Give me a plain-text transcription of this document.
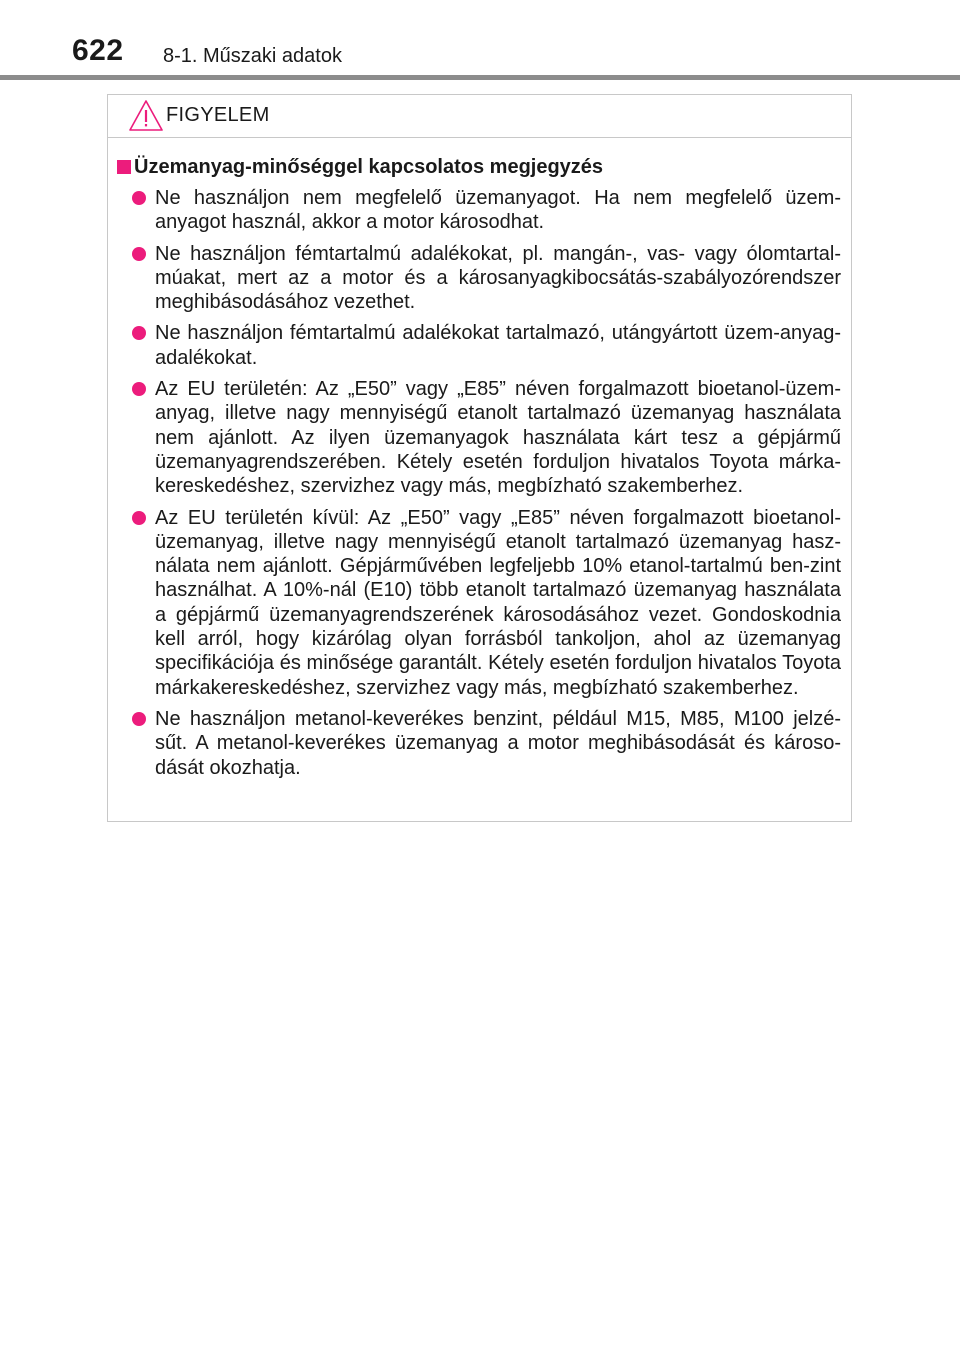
622 8-1. Műszaki adatok
FIGYELEM
Üzemanyag-minőséggel kapcsolatos megjegyzés
Ne használjon nem megfelelő üzemanyagot. Ha nem megfelelő üzem-anyagot használ, akkor a motor károsodhat.
Ne használjon fémtartalmú adalékokat, pl. mangán-, vas- vagy ólomtartal-múakat, mert az a motor és a károsanyagkibocsátás-szabályozórendszer meghibásodásához vezethet.
Ne használjon fémtartalmú adalékokat tartalmazó, utángyártott üzem-anyag-adalékokat.
Az EU területén: Az „E50” vagy „E85” néven forgalmazott bioetanol-üzem-anyag, illetve nagy mennyiségű etanolt tartalmazó üzemanyag használata nem ajánlott. Az ilyen üzemanyagok használata kárt tesz a gépjármű üzemanyagrendszerében. Kétely esetén forduljon hivatalos Toyota márka-kereskedéshez, szervizhez vagy más, megbízható szakemberhez.
Az EU területén kívül: Az „E50” vagy „E85” néven forgalmazott bioetanol-üzemanyag, illetve nagy mennyiségű etanolt tartalmazó üzemanyag hasz-nálata nem ajánlott. Gépjárművében legfeljebb 10% etanol-tartalmú ben-zint használhat. A 10%-nál (E10) több etanolt tartalmazó üzemanyag használata a gépjármű üzemanyagrendszerének károsodásához vezet. Gondoskodnia kell arról, hogy kizárólag olyan forrásból tankoljon, ahol az üzemanyag specifikációja és minősége garantált. Kétely esetén forduljon hivatalos Toyota márkakereskedéshez, szervizhez vagy más, megbízható szakemberhez.
Ne használjon metanol-keverékes benzint, például M15, M85, M100 jelzé-sűt. A metanol-keverékes üzemanyag a motor meghibásodását és károso-dását okozhatja.
